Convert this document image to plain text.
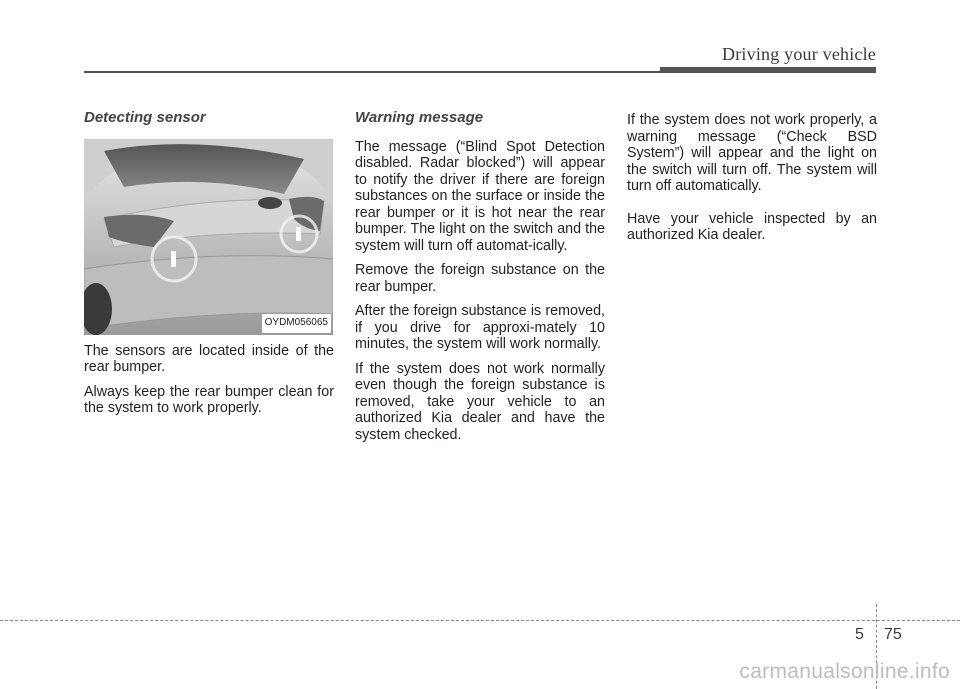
Driving your vehicle
Detecting sensor
OYDM056065

The sensors are located inside of the rear bumper.

Always keep the rear bumper clean for the system to work properly.

Warning message

The message (“Blind Spot Detection disabled. Radar blocked”) will appear to notify the driver if there are foreign substances on the surface or inside the rear bumper or it is hot near the rear bumper. The light on the switch and the system will turn off automat-ically.

Remove the foreign substance on the rear bumper.

After the foreign substance is removed, if you drive for approxi-mately 10 minutes, the system will work normally.

If the system does not work normally even though the foreign substance is removed, take your vehicle to an authorized Kia dealer and have the system checked.

If the system does not work properly, a warning message (“Check BSD System”) will appear and the light on the switch will turn off. The system will turn off automatically.

Have your vehicle inspected by an authorized Kia dealer.

5 75
carmanualsonline.info
